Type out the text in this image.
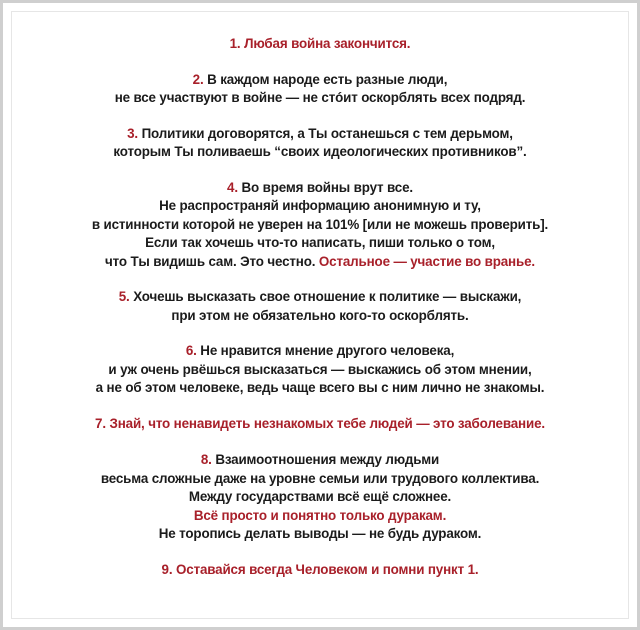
1. Любая война закончится.
2. В каждом народе есть разные люди,
не все участвуют в войне — не стóит оскорблять всех подряд.
3. Политики договорятся, а Ты останешься с тем дерьмом,
которым Ты поливаешь “своих идеологических противников”.
4. Во время войны врут все.
Не распространяй информацию анонимную и ту,
в истинности которой не уверен на 101% [или не можешь проверить].
Если так хочешь что-то написать, пиши только о том,
что Ты видишь сам. Это честно. Остальное — участие во вранье.
5. Хочешь высказать свое отношение к политике — выскажи,
при этом не обязательно кого-то оскорблять.
6. Не нравится мнение другого человека,
и уж очень рвёшься высказаться — выскажись об этом мнении,
а не об этом человеке, ведь чаще всего вы с ним лично не знакомы.
7. Знай, что ненавидеть незнакомых тебе людей — это заболевание.
8. Взаимоотношения между людьми
весьма сложные даже на уровне семьи или трудового коллектива.
Между государствами всё ещё сложнее.
Всё просто и понятно только дуракам.
Не торопись делать выводы — не будь дураком.
9. Оставайся всегда Человеком и помни пункт 1.
